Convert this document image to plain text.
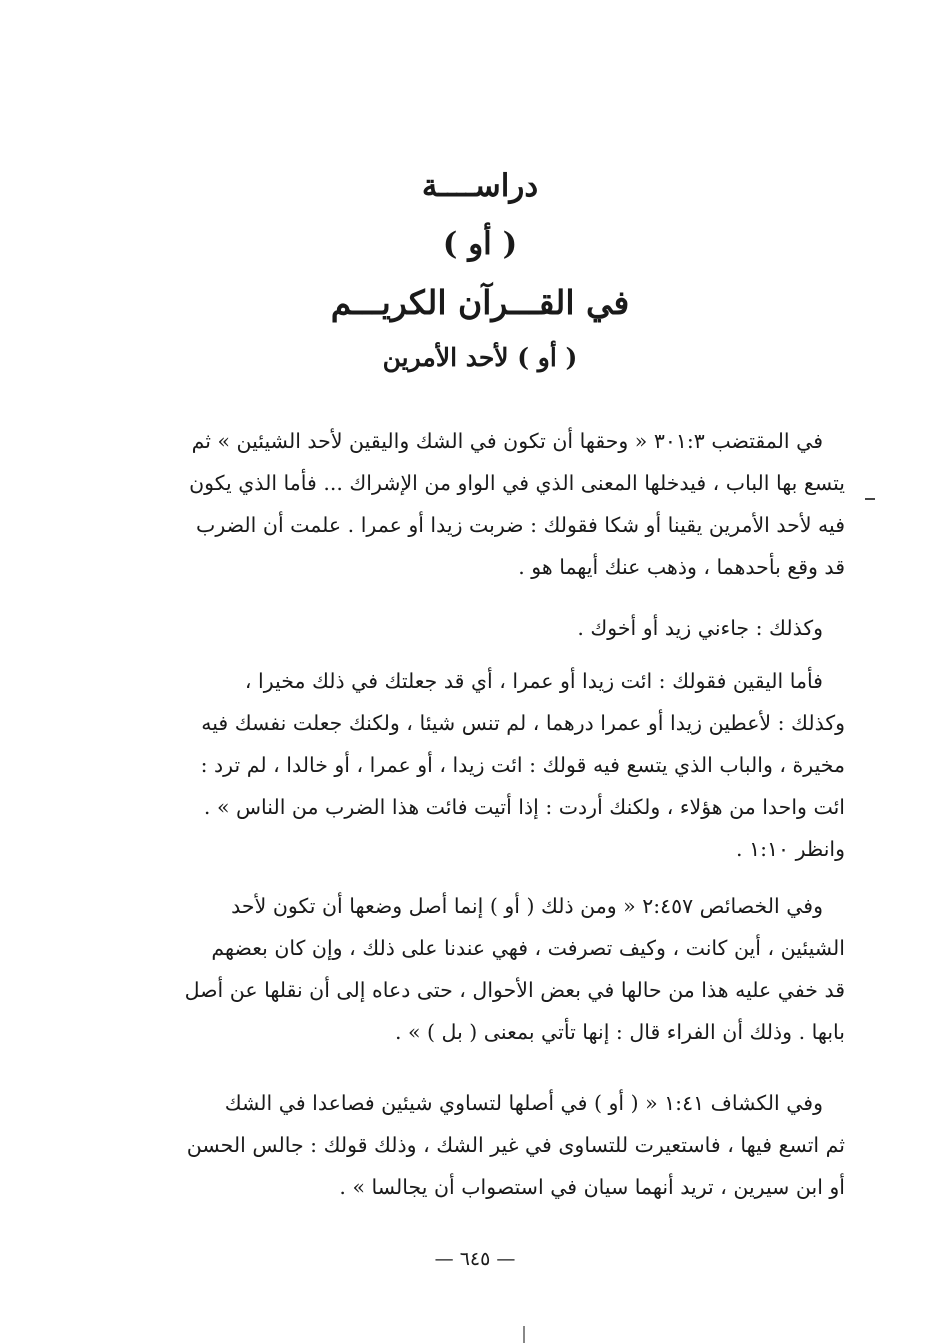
دراســــة
( أو )
في القـــرآن الكريـــم
( أو ) لأحد الأمرين
في المقتضب ٣٠١:٣ « وحقها أن تكون في الشك واليقين لأحد الشيئين » ثم
يتسع بها الباب ، فيدخلها المعنى الذي في الواو من الإشراك ... فأما الذي يكون
فيه لأحد الأمرين يقينا أو شكا فقولك : ضربت زيدا أو عمرا . علمت أن الضرب
قد وقع بأحدهما ، وذهب عنك أيهما هو .
وكذلك : جاءني زيد أو أخوك .
فأما اليقين فقولك : ائت زيدا أو عمرا ، أي قد جعلتك في ذلك مخيرا ،
وكذلك : لأعطين زيدا أو عمرا درهما ، لم تنس شيئا ، ولكنك جعلت نفسك فيه
مخيرة ، والباب الذي يتسع فيه قولك : ائت زيدا ، أو عمرا ، أو خالدا ، لم ترد :
ائت واحدا من هؤلاء ، ولكنك أردت : إذا أتيت فائت هذا الضرب من الناس » .
وانظر ١:١٠ .
وفي الخصائص ٢:٤٥٧ « ومن ذلك ( أو ) إنما أصل وضعها أن تكون لأحد
الشيئين ، أين كانت ، وكيف تصرفت ، فهي عندنا على ذلك ، وإن كان بعضهم
قد خفي عليه هذا من حالها في بعض الأحوال ، حتى دعاه إلى أن نقلها عن أصل
بابها . وذلك أن الفراء قال : إنها تأتي بمعنى ( بل ) » .
وفي الكشاف ١:٤١ « ( أو ) في أصلها لتساوي شيئين فصاعدا في الشك
ثم اتسع فيها ، فاستعيرت للتساوى في غير الشك ، وذلك قولك : جالس الحسن
أو ابن سيرين ، تريد أنهما سيان في استصواب أن يجالسا » .
— ٦٤٥ —
